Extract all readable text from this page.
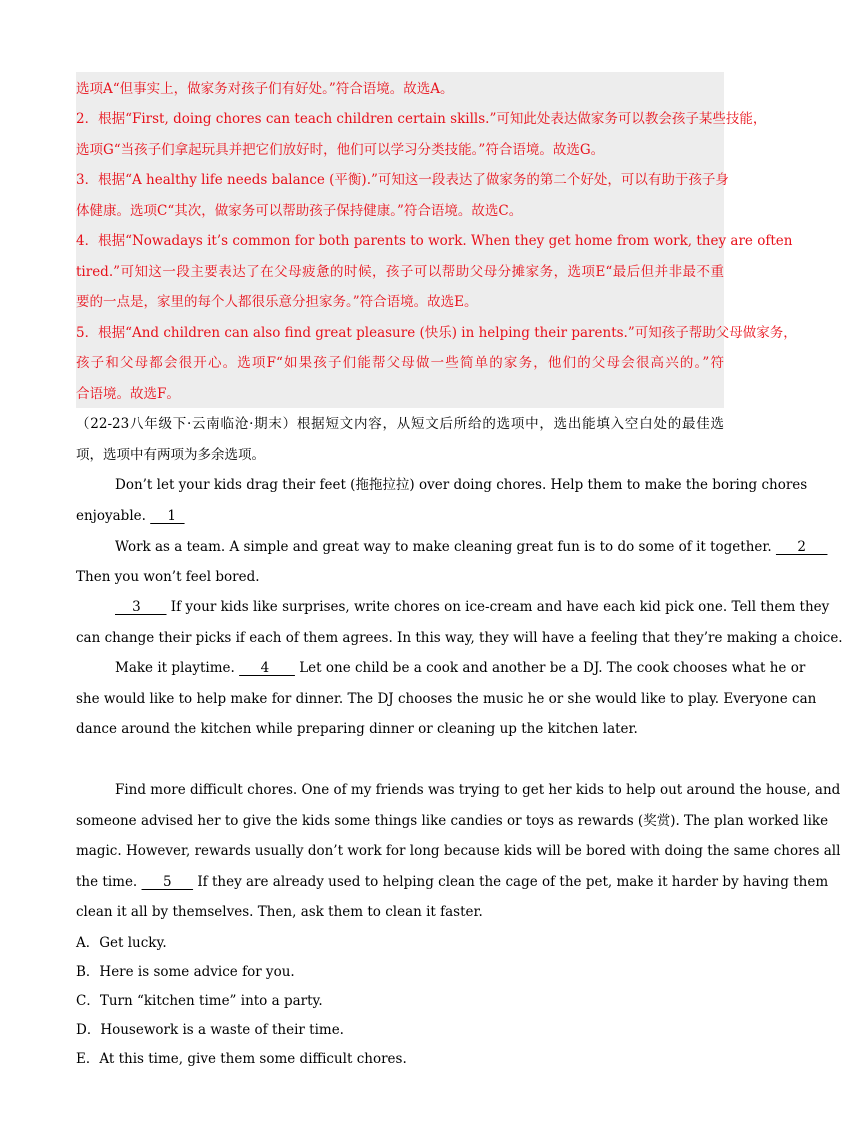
选项A“但事实上，做家务对孩子们有好处。”符合语境。故选A。
2．根据“First, doing chores can teach children certain skills.”可知此处表达做家务可以教会孩子某些技能，
选项G“当孩子们拿起玩具并把它们放好时，他们可以学习分类技能。”符合语境。故选G。
3．根据“A healthy life needs balance (平衡).”可知这一段表达了做家务的第二个好处，可以有助于孩子身
体健康。选项C“其次，做家务可以帮助孩子保持健康。”符合语境。故选C。
4．根据“Nowadays it’s common for both parents to work. When they get home from work, they are often
tired.”可知这一段主要表达了在父母疲惫的时候，孩子可以帮助父母分摊家务，选项E“最后但并非最不重
要的一点是，家里的每个人都很乐意分担家务。”符合语境。故选E。
5．根据“And children can also find great pleasure (快乐) in helping their parents.”可知孩子帮助父母做家务，
孩子和父母都会很开心。选项F“如果孩子们能帮父母做一些简单的家务，他们的父母会很高兴的。”符
合语境。故选F。
（22-23八年级下·云南临沧·期末）根据短文内容，从短文后所给的选项中，选出能填入空白处的最佳选
项，选项中有两项为多余选项。
Don’t let your kids drag their feet (拖拖拉拉) over doing chores. Help them to make the boring chores
enjoyable.     1
Work as a team. A simple and great way to make cleaning great fun is to do some of it together.      2
Then you won’t feel bored.
3       If your kids like surprises, write chores on ice-cream and have each kid pick one. Tell them they
can change their picks if each of them agrees. In this way, they will have a feeling that they’re making a choice.
Make it playtime.      4       Let one child be a cook and another be a DJ. The cook chooses what he or
she would like to help make for dinner. The DJ chooses the music he or she would like to play. Everyone can
dance around the kitchen while preparing dinner or cleaning up the kitchen later.
Find more difficult chores. One of my friends was trying to get her kids to help out around the house, and
someone advised her to give the kids some things like candies or toys as rewards (奖赏). The plan worked like
magic. However, rewards usually don’t work for long because kids will be bored with doing the same chores all
the time.      5      If they are already used to helping clean the cage of the pet, make it harder by having them
clean it all by themselves. Then, ask them to clean it faster.
A．Get lucky.
B．Here is some advice for you.
C．Turn “kitchen time” into a party.
D．Housework is a waste of their time.
E．At this time, give them some difficult chores.
